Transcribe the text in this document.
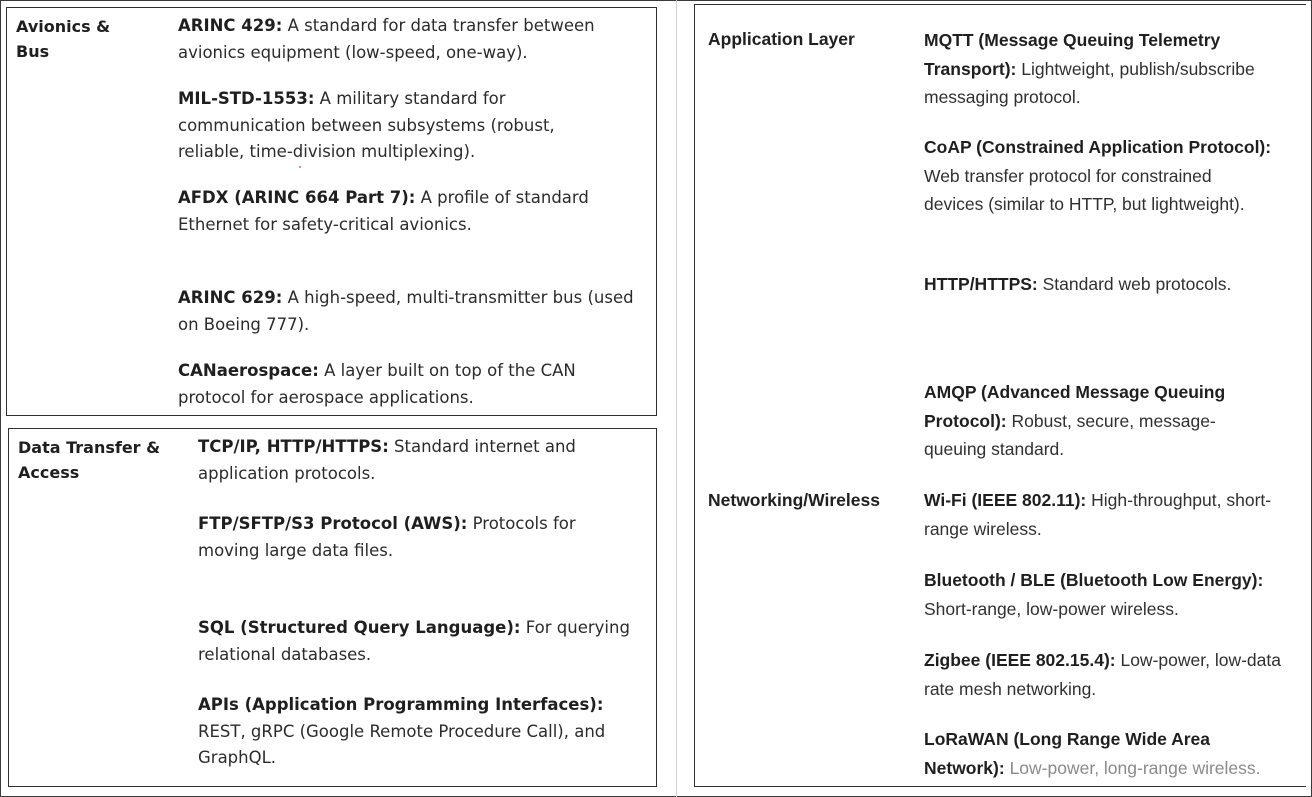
Avionics & Bus
ARINC 429: A standard for data transfer between avionics equipment (low-speed, one-way).
MIL-STD-1553: A military standard for communication between subsystems (robust, reliable, time-division multiplexing).
AFDX (ARINC 664 Part 7): A profile of standard Ethernet for safety-critical avionics.
ARINC 629: A high-speed, multi-transmitter bus (used on Boeing 777).
CANaerospace: A layer built on top of the CAN protocol for aerospace applications.
Data Transfer & Access
TCP/IP, HTTP/HTTPS: Standard internet and application protocols.
FTP/SFTP/S3 Protocol (AWS): Protocols for moving large data files.
SQL (Structured Query Language): For querying relational databases.
APIs (Application Programming Interfaces): REST, gRPC (Google Remote Procedure Call), and GraphQL.
Application Layer
Networking/Wireless
MQTT (Message Queuing Telemetry Transport): Lightweight, publish/subscribe messaging protocol.
CoAP (Constrained Application Protocol): Web transfer protocol for constrained devices (similar to HTTP, but lightweight).
HTTP/HTTPS: Standard web protocols.
AMQP (Advanced Message Queuing Protocol): Robust, secure, message-queuing standard.
Wi-Fi (IEEE 802.11): High-throughput, short-range wireless.
Bluetooth / BLE (Bluetooth Low Energy): Short-range, low-power wireless.
Zigbee (IEEE 802.15.4): Low-power, low-data rate mesh networking.
LoRaWAN (Long Range Wide Area Network): Low-power, long-range wireless.
